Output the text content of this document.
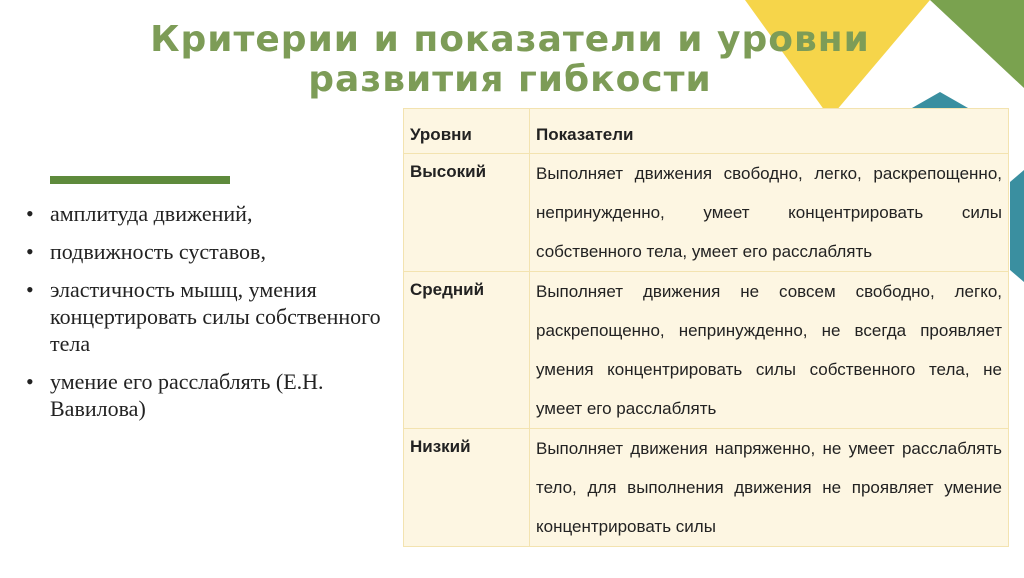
Критерии и показатели и уровни
развития гибкости
• амплитуда движений,
• подвижность суставов,
• эластичность мышц, умения концертировать силы собственного тела
• умение его расслаблять (Е.Н. Вавилова)
Уровни	Показатели
Высокий	Выполняет движения свободно, легко, раскрепощенно, непринужденно, умеет концентрировать силы собственного тела, умеет его расслаблять
Средний	Выполняет движения не совсем свободно, легко, раскрепощенно, непринужденно, не всегда проявляет умения концентрировать силы собственного тела, не умеет его расслаблять
Низкий	Выполняет движения напряженно, не умеет расслаблять тело, для выполнения движения не проявляет умение концентрировать силы
